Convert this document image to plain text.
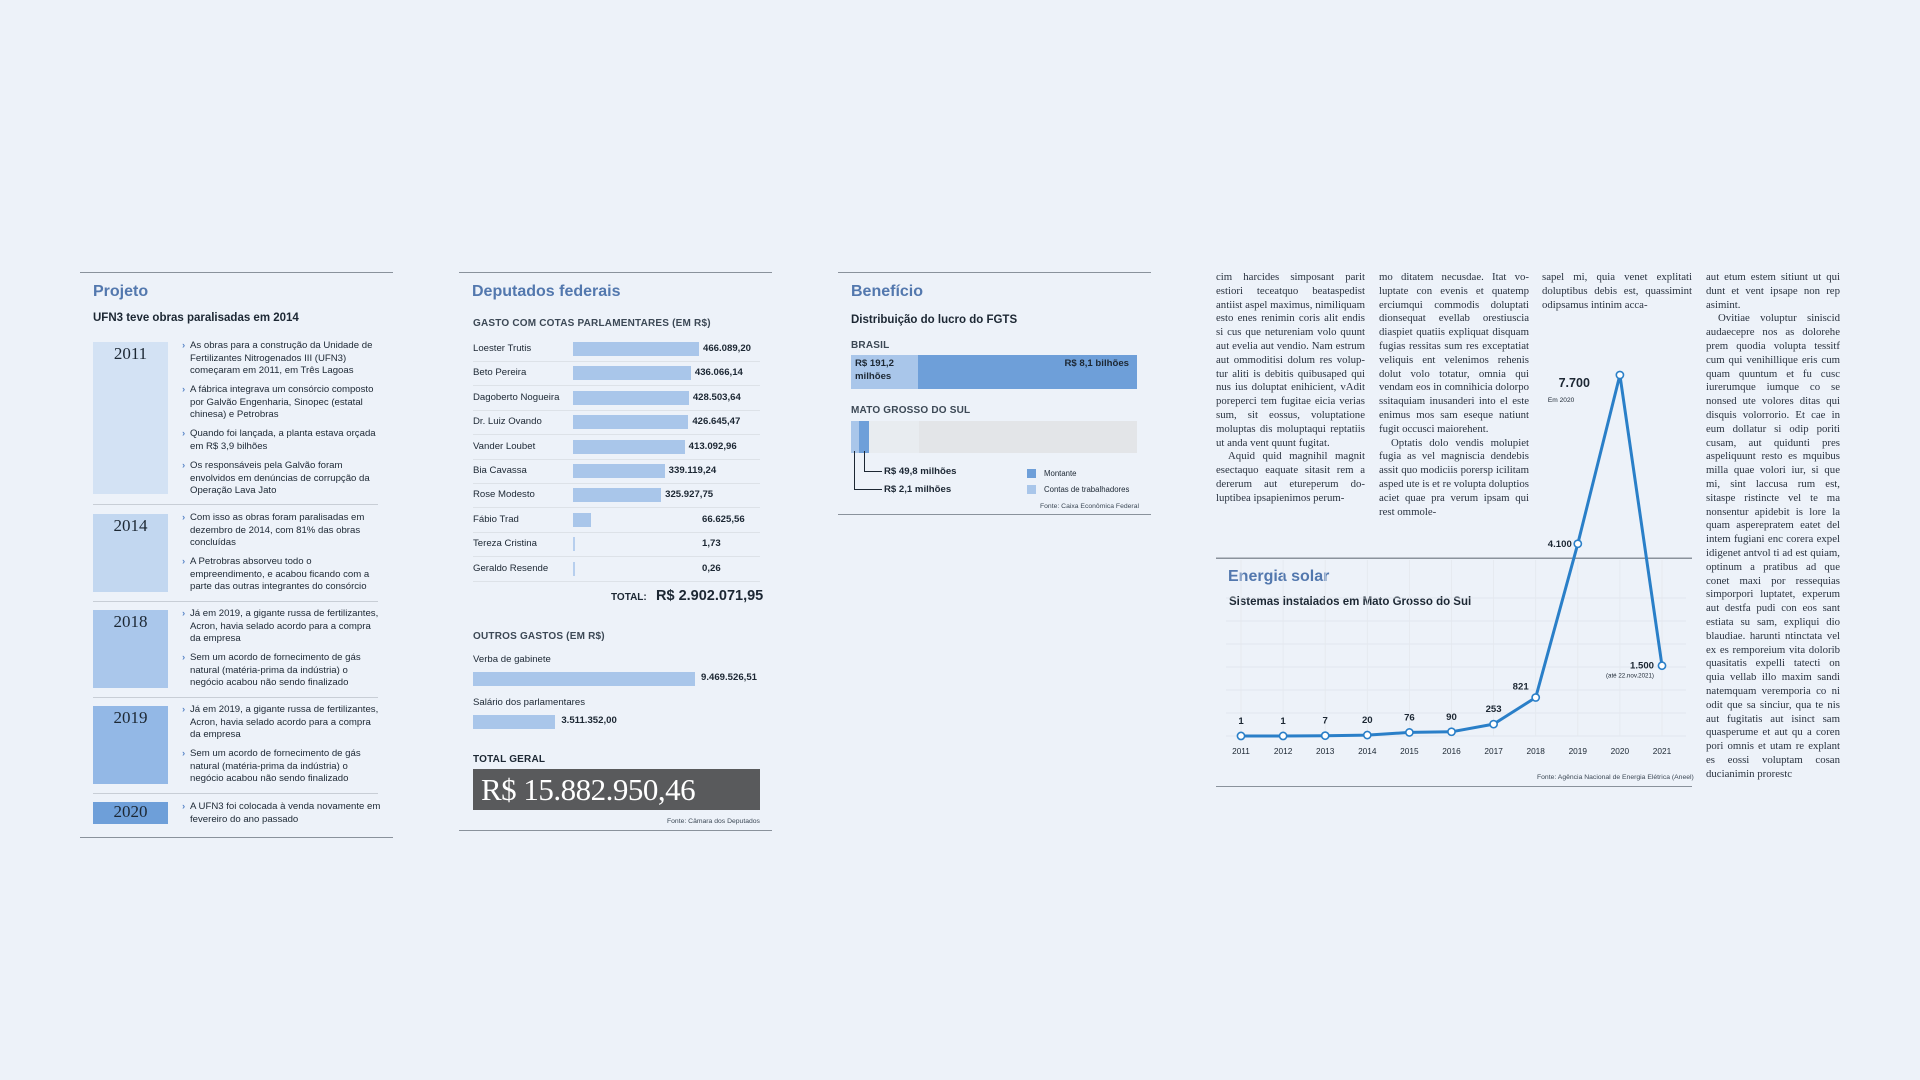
Projeto
UFN3 teve obras paralisadas em 2014
2011	› As obras para a construção da Unidade de Fertilizantes Nitrogenados III (UFN3) começaram em 2011, em Três Lagoas
› A fábrica integrava um consórcio composto por Galvão Engenharia, Sinopec (estatal chinesa) e Petrobras
› Quando foi lançada, a planta estava orçada em R$ 3,9 bilhões
› Os responsáveis pela Galvão foram envolvidos em denúncias de corrupção da Operação Lava Jato
2014	› Com isso as obras foram paralisadas em dezembro de 2014, com 81% das obras concluídas
› A Petrobras absorveu todo o empreendimento, e acabou ficando com a parte das outras integrantes do consórcio
2018	› Já em 2019, a gigante russa de fertilizantes, Acron, havia selado acordo para a compra da empresa
› Sem um acordo de fornecimento de gás natural (matéria-prima da indústria) o negócio acabou não sendo finalizado
2019	› Já em 2019, a gigante russa de fertilizantes, Acron, havia selado acordo para a compra da empresa
› Sem um acordo de fornecimento de gás natural (matéria-prima da indústria) o negócio acabou não sendo finalizado
2020	› A UFN3 foi colocada à venda novamente em fevereiro do ano passado
Deputados federais
GASTO COM COTAS PARLAMENTARES (EM R$)
Loester Trutis	466.089,20
Beto Pereira	436.066,14
Dagoberto Nogueira	428.503,64
Dr. Luiz Ovando	426.645,47
Vander Loubet	413.092,96
Bia Cavassa	339.119,24
Rose Modesto	325.927,75
Fábio Trad	66.625,56
Tereza Cristina	1,73
Geraldo Resende	0,26
TOTAL: R$ 2.902.071,95
OUTROS GASTOS (EM R$)
Verba de gabinete
9.469.526,51
Salário dos parlamentares
3.511.352,00
TOTAL GERAL
R$ 15.882.950,46
Fonte: Câmara dos Deputados
Benefício
Distribuição do lucro do FGTS
BRASIL
R$ 191,2 milhões
R$ 8,1 bilhões
MATO GROSSO DO SUL
R$ 49,8 milhões
R$ 2,1 milhões
Montante
Contas de trabalhadores
Fonte: Caixa Econômica Federal

cim harcides simposant parit estiori teceatquo beataspedist antiist aspel maximus, nimiliquam esto enes renimin coris alit endis si cus que netureniam volo quunt aut evelia aut vendio. Nam estrum aut ommoditisi dolum res voluptur aliti is debitis quibusaped qui nus ius doluptat enihicient, vAdit poreperci tem fugitae eicia verias sum, sit eossus, voluptatione moluptas dis moluptaqui reptatiis ut anda vent quunt fugitat.

Aquid quid magnihil magnit esectaquo eaquate sitasit rem a dererum aut etureperum doluptibea ipsapienimos perum-

mo ditatem necusdae. Itat voluptate con evenis et quatemp erciumqui commodis doluptati dionsequat evellab orestiuscia diaspiet quatiis expliquat disquam fugias ressitas sum res exceptatiat veliquis ent velenimos rehenis dolut volo totatur, omnia qui vendam eos in comnihicia dolorpo ssitaquiam inusanderi into el este enimus mos sam eseque natiunt fugit occusci maiorehent.

Optatis dolo vendis molupiet fugia as vel magniscia dendebis assit quo modiciis porersp icilitam asped ute is et re volupta doluptios aciet quae pra verum ipsam qui rest ommole-

sapel mi, quia venet explitati doluptibus debis est, quassimint odipsamus intinim acca-

aut etum estem sitiunt ut qui dunt et vent ipsape non rep asimint.

Ovitiae voluptur siniscid audaecepre nos as dolorehe prem quodia volupta tessitf cum qui venihillique eris cum quam quuntum et fu cusc iurerumque iumque co se nonsed ute volores ditas qui disquis volorrorio. Et cae in eum dollatur si odip poriti cusam, aut quidunti pres aspeliquunt resto es mquibus milla quae volori iur, si que mi, sint laccusa rum est, sitaspe ristincte vel te ma nonsentur apidebit is lore la quam asperepratem eatet del intem fugiani enc corera expel idigenet antvol ti ad est quiam, optinum a pratibus ad que conet maxi por ressequias simporpori luptatet, experum aut destfa pudi con eos sant estiata su sam, expliqui dio blaudiae. harunti ntinctata vel ex es remporeium vita dolorib quasitatis expelli tatecti on quia vellab illo maxim sandi natemquam veremporia co ni odit que sa sinciur, qua te nis aut fugitatis aut isinct sam quasperume et aut qu a coren pori omnis et utam re explant es eossi voluptam cosan ducianimin prorestc

Energia solar
Sistemas instalados em Mato Grosso do Sul
1
2011
1
2012
7
2013
20
2014
76
2015
90
2016
253
2017
821
2018
4.100
2019
7.700
2020
1.500
2021
Em 2020
(até 22.nov.2021)
Fonte: Agência Nacional de Energia Elétrica (Aneel)
